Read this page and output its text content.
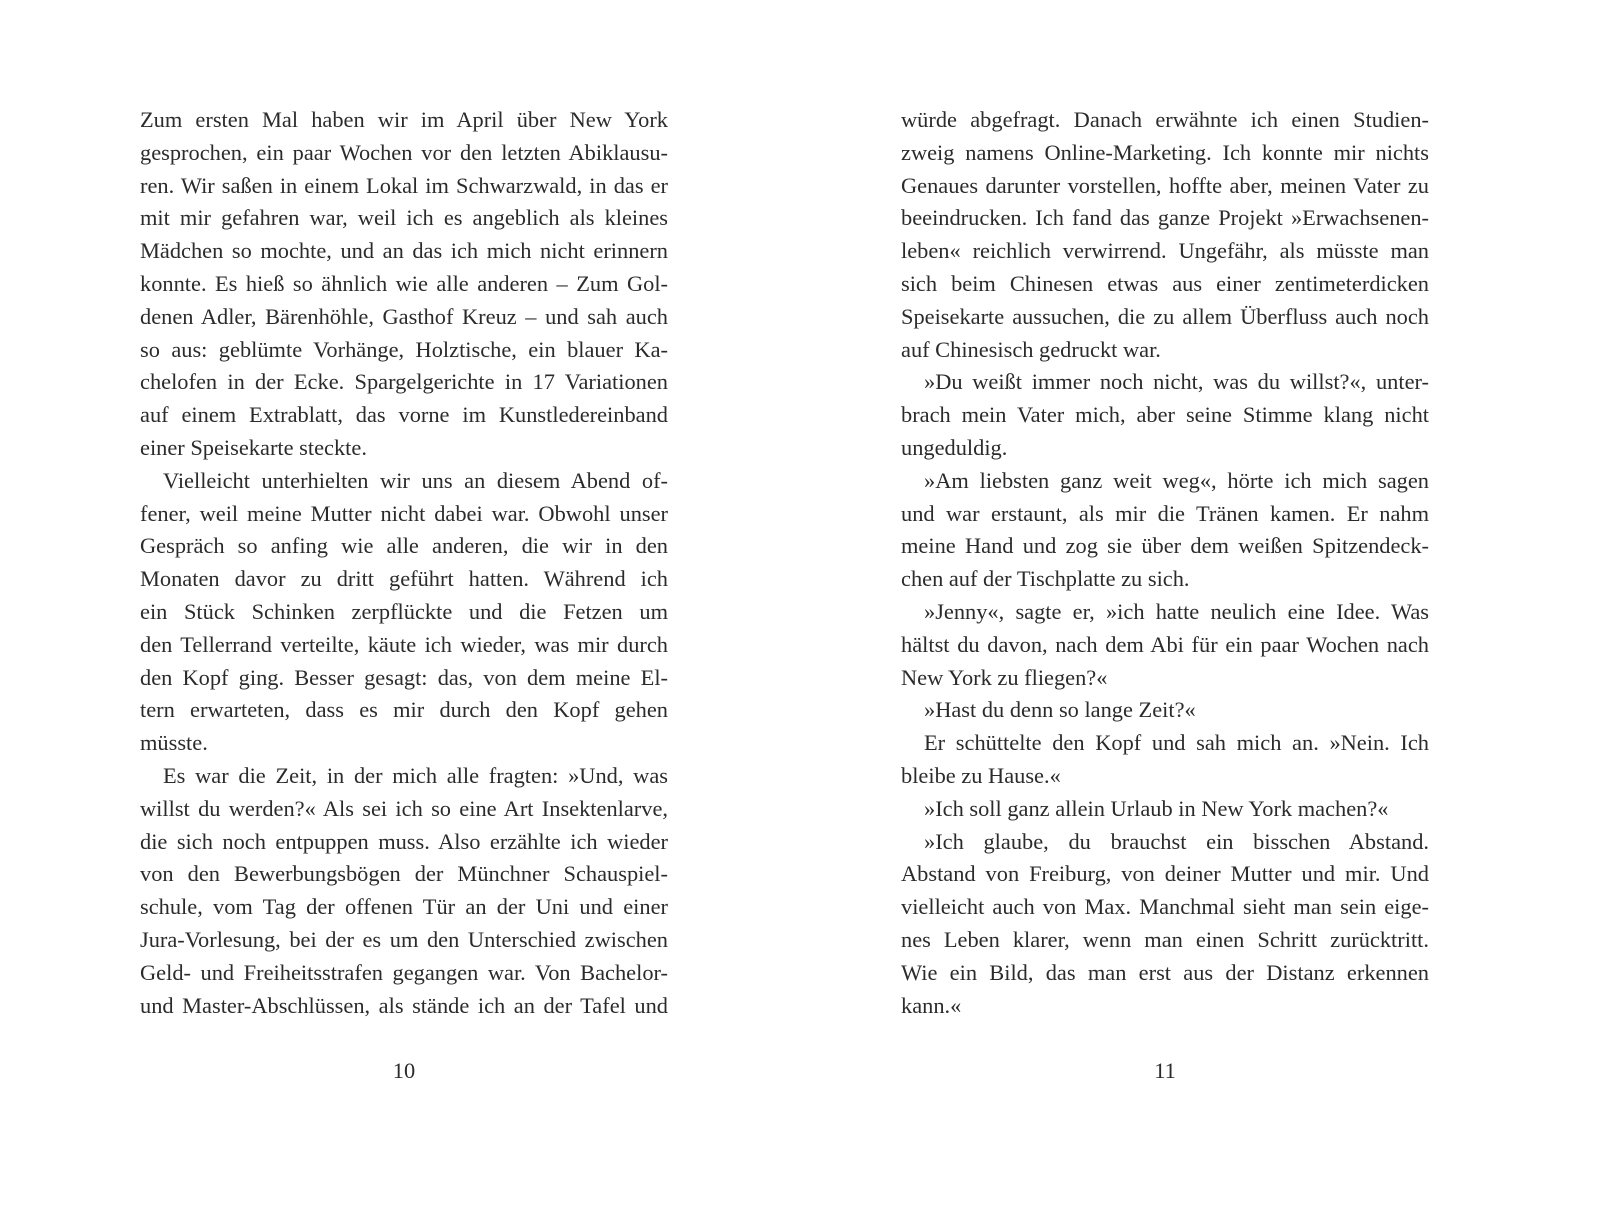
Zum ersten Mal haben wir im April über New York
gesprochen, ein paar Wochen vor den letzten Abiklausu-
ren. Wir saßen in einem Lokal im Schwarzwald, in das er
mit mir gefahren war, weil ich es angeblich als kleines
Mädchen so mochte, und an das ich mich nicht erinnern
konnte. Es hieß so ähnlich wie alle anderen – Zum Gol-
denen Adler, Bärenhöhle, Gasthof Kreuz – und sah auch
so aus: geblümte Vorhänge, Holztische, ein blauer Ka-
chelofen in der Ecke. Spargelgerichte in 17 Variationen
auf einem Extrablatt, das vorne im Kunstledereinband
einer Speisekarte steckte.
Vielleicht unterhielten wir uns an diesem Abend of-
fener, weil meine Mutter nicht dabei war. Obwohl unser
Gespräch so anfing wie alle anderen, die wir in den
Monaten davor zu dritt geführt hatten. Während ich
ein Stück Schinken zerpflückte und die Fetzen um
den Tellerrand verteilte, käute ich wieder, was mir durch
den Kopf ging. Besser gesagt: das, von dem meine El-
tern erwarteten, dass es mir durch den Kopf gehen
müsste.
Es war die Zeit, in der mich alle fragten: »Und, was
willst du werden?« Als sei ich so eine Art Insektenlarve,
die sich noch entpuppen muss. Also erzählte ich wieder
von den Bewerbungsbögen der Münchner Schauspiel-
schule, vom Tag der offenen Tür an der Uni und einer
Jura-Vorlesung, bei der es um den Unterschied zwischen
Geld- und Freiheitsstrafen gegangen war. Von Bachelor-
und Master-Abschlüssen, als stände ich an der Tafel und
würde abgefragt. Danach erwähnte ich einen Studien-
zweig namens Online-Marketing. Ich konnte mir nichts
Genaues darunter vorstellen, hoffte aber, meinen Vater zu
beeindrucken. Ich fand das ganze Projekt »Erwachsenen-
leben« reichlich verwirrend. Ungefähr, als müsste man
sich beim Chinesen etwas aus einer zentimeterdicken
Speisekarte aussuchen, die zu allem Überfluss auch noch
auf Chinesisch gedruckt war.
»Du weißt immer noch nicht, was du willst?«, unter-
brach mein Vater mich, aber seine Stimme klang nicht
ungeduldig.
»Am liebsten ganz weit weg«, hörte ich mich sagen
und war erstaunt, als mir die Tränen kamen. Er nahm
meine Hand und zog sie über dem weißen Spitzendeck-
chen auf der Tischplatte zu sich.
»Jenny«, sagte er, »ich hatte neulich eine Idee. Was
hältst du davon, nach dem Abi für ein paar Wochen nach
New York zu fliegen?«
»Hast du denn so lange Zeit?«
Er schüttelte den Kopf und sah mich an. »Nein. Ich
bleibe zu Hause.«
»Ich soll ganz allein Urlaub in New York machen?«
»Ich glaube, du brauchst ein bisschen Abstand.
Abstand von Freiburg, von deiner Mutter und mir. Und
vielleicht auch von Max. Manchmal sieht man sein eige-
nes Leben klarer, wenn man einen Schritt zurücktritt.
Wie ein Bild, das man erst aus der Distanz erkennen
kann.«
10	11
